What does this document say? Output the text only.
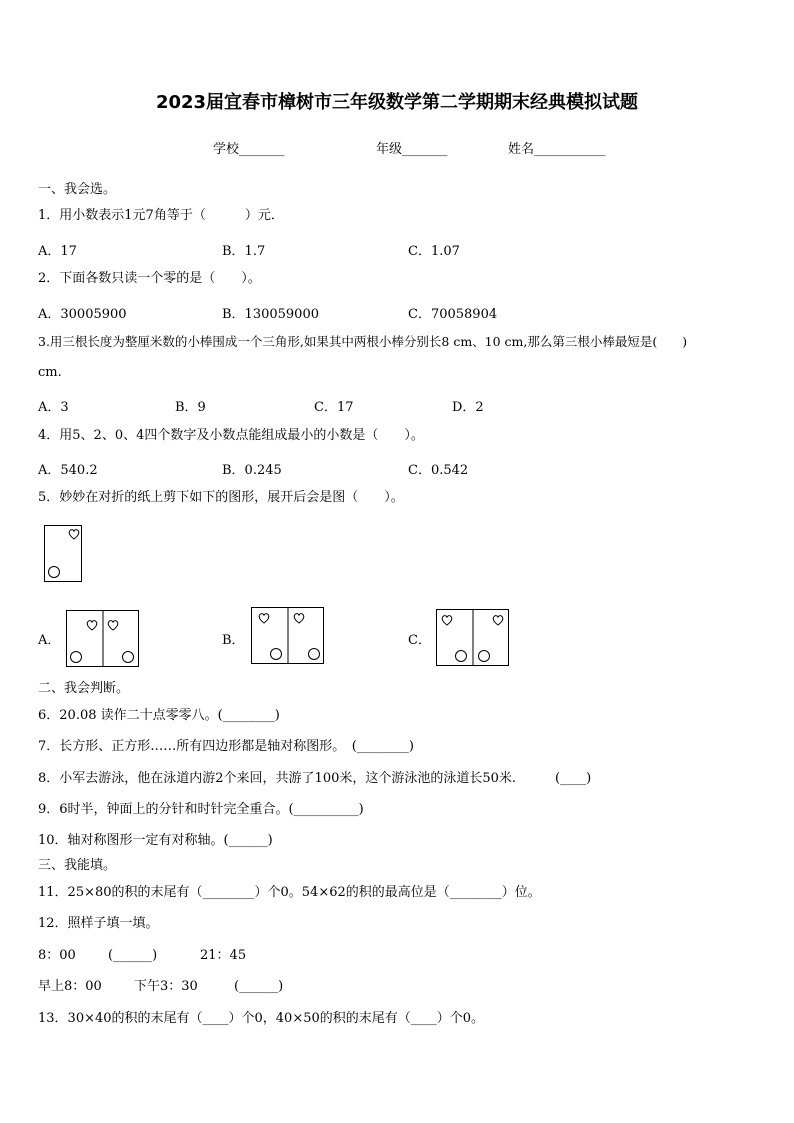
2023届宜春市樟树市三年级数学第二学期期末经典模拟试题
学校_______	年级_______	姓名___________
一、我会选。
1．用小数表示1元7角等于（　　　）元．
A．17	B．1.7	C．1.07
2．下面各数只读一个零的是（　　）。
A．30005900	B．130059000	C．70058904
3.用三根长度为整厘米数的小棒围成一个三角形,如果其中两根小棒分别长8 cm、10 cm,那么第三根小棒最短是(　　)
cm.
A．3	B．9	C．17	D．2
4．用5、2、0、4四个数字及小数点能组成最小的小数是（　　）。
A．540.2	B．0.245	C．0.542
5．妙妙在对折的纸上剪下如下的图形，展开后会是图（　　）。
A．	B．	C．
二、我会判断。
6．20.08 读作二十点零零八。(________)
7．长方形、正方形……所有四边形都是轴对称图形。　(________)
8．小军去游泳，他在泳道内游2个来回，共游了100米，这个游泳池的泳道长50米.　　　(____)
9．6时半，钟面上的分针和时针完全重合。(__________)
10．轴对称图形一定有对称轴。(______)
三、我能填。
11．25×80的积的末尾有（________）个0。54×62的积的最高位是（________）位。
12．照样子填一填。
8：00 (______)	21：45
早上8：00 下午3：30	(______)
13．30×40的积的末尾有（____）个0，40×50的积的末尾有（____）个0。
